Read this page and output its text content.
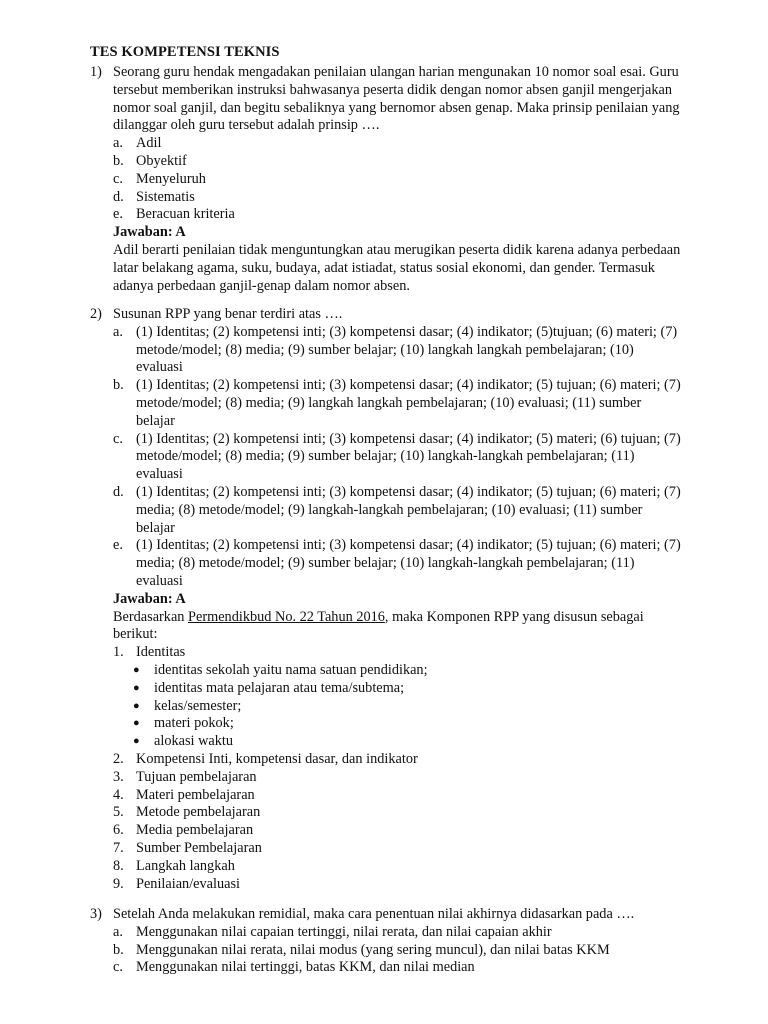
TES KOMPETENSI TEKNIS
1) Seorang guru hendak mengadakan penilaian ulangan harian mengunakan 10 nomor soal esai. Guru tersebut memberikan instruksi bahwasanya peserta didik dengan nomor absen ganjil mengerjakan nomor soal ganjil, dan begitu sebaliknya yang bernomor absen genap. Maka prinsip penilaian yang dilanggar oleh guru tersebut adalah prinsip ….
a. Adil
b. Obyektif
c. Menyeluruh
d. Sistematis
e. Beracuan kriteria
Jawaban: A
Adil berarti penilaian tidak menguntungkan atau merugikan peserta didik karena adanya perbedaan latar belakang agama, suku, budaya, adat istiadat, status sosial ekonomi, dan gender. Termasuk adanya perbedaan ganjil-genap dalam nomor absen.
2) Susunan RPP yang benar terdiri atas ….
a. (1) Identitas; (2) kompetensi inti; (3) kompetensi dasar; (4) indikator; (5)tujuan; (6) materi; (7) metode/model; (8) media; (9) sumber belajar; (10) langkah langkah pembelajaran; (10) evaluasi
b. (1) Identitas; (2) kompetensi inti; (3) kompetensi dasar; (4) indikator; (5) tujuan; (6) materi; (7) metode/model; (8) media; (9) langkah langkah pembelajaran; (10) evaluasi; (11) sumber belajar
c. (1) Identitas; (2) kompetensi inti; (3) kompetensi dasar; (4) indikator; (5) materi; (6) tujuan; (7) metode/model; (8) media; (9) sumber belajar; (10) langkah-langkah pembelajaran; (11) evaluasi
d. (1) Identitas; (2) kompetensi inti; (3) kompetensi dasar; (4) indikator; (5) tujuan; (6) materi; (7) media; (8) metode/model; (9) langkah-langkah pembelajaran; (10) evaluasi; (11) sumber belajar
e. (1) Identitas; (2) kompetensi inti; (3) kompetensi dasar; (4) indikator; (5) tujuan; (6) materi; (7) media; (8) metode/model; (9) sumber belajar; (10) langkah-langkah pembelajaran; (11) evaluasi
Jawaban: A
Berdasarkan Permendikbud No. 22 Tahun 2016, maka Komponen RPP yang disusun sebagai berikut:
1. Identitas
● identitas sekolah yaitu nama satuan pendidikan;
● identitas mata pelajaran atau tema/subtema;
● kelas/semester;
● materi pokok;
● alokasi waktu
2. Kompetensi Inti, kompetensi dasar, dan indikator
3. Tujuan pembelajaran
4. Materi pembelajaran
5. Metode pembelajaran
6. Media pembelajaran
7. Sumber Pembelajaran
8. Langkah langkah
9. Penilaian/evaluasi
3) Setelah Anda melakukan remidial, maka cara penentuan nilai akhirnya didasarkan pada ….
a. Menggunakan nilai capaian tertinggi, nilai rerata, dan nilai capaian akhir
b. Menggunakan nilai rerata, nilai modus (yang sering muncul), dan nilai batas KKM
c. Menggunakan nilai tertinggi, batas KKM, dan nilai median
